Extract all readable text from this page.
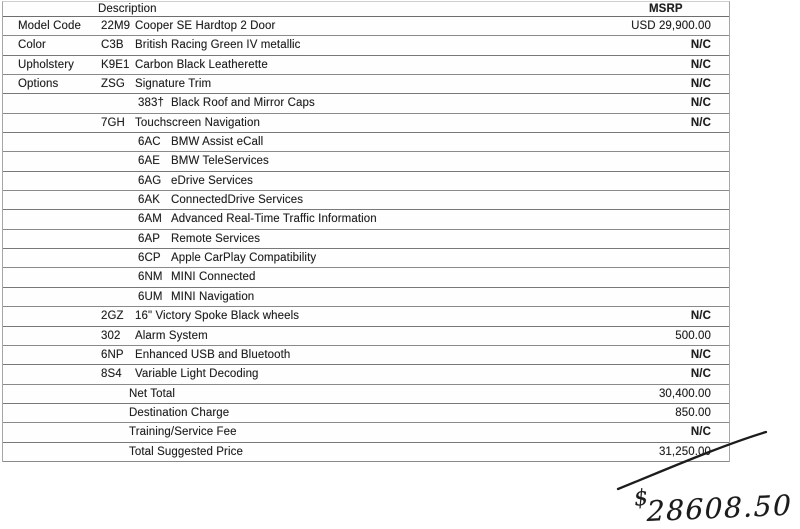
Description	MSRP
Model Code 22M9 Cooper SE Hardtop 2 Door	USD 29,900.00
Color	C3B British Racing Green IV metallic	N/C
Upholstery K9E1 Carbon Black Leatherette	N/C
Options	ZSG Signature Trim	N/C
383† Black Roof and Mirror Caps	N/C
7GH Touchscreen Navigation	N/C
6AC BMW Assist eCall
6AE BMW TeleServices
6AG eDrive Services
6AK ConnectedDrive Services
6AM Advanced Real-Time Traffic Information
6AP Remote Services
6CP Apple CarPlay Compatibility
6NM MINI Connected
6UM MINI Navigation
2GZ 16" Victory Spoke Black wheels	N/C
302 Alarm System	500.00
6NP Enhanced USB and Bluetooth	N/C
8S4 Variable Light Decoding	N/C
Net Total	30,400.00
Destination Charge	850.00
Training/Service Fee	N/C
Total Suggested Price	31,250.00
$
28608.50
